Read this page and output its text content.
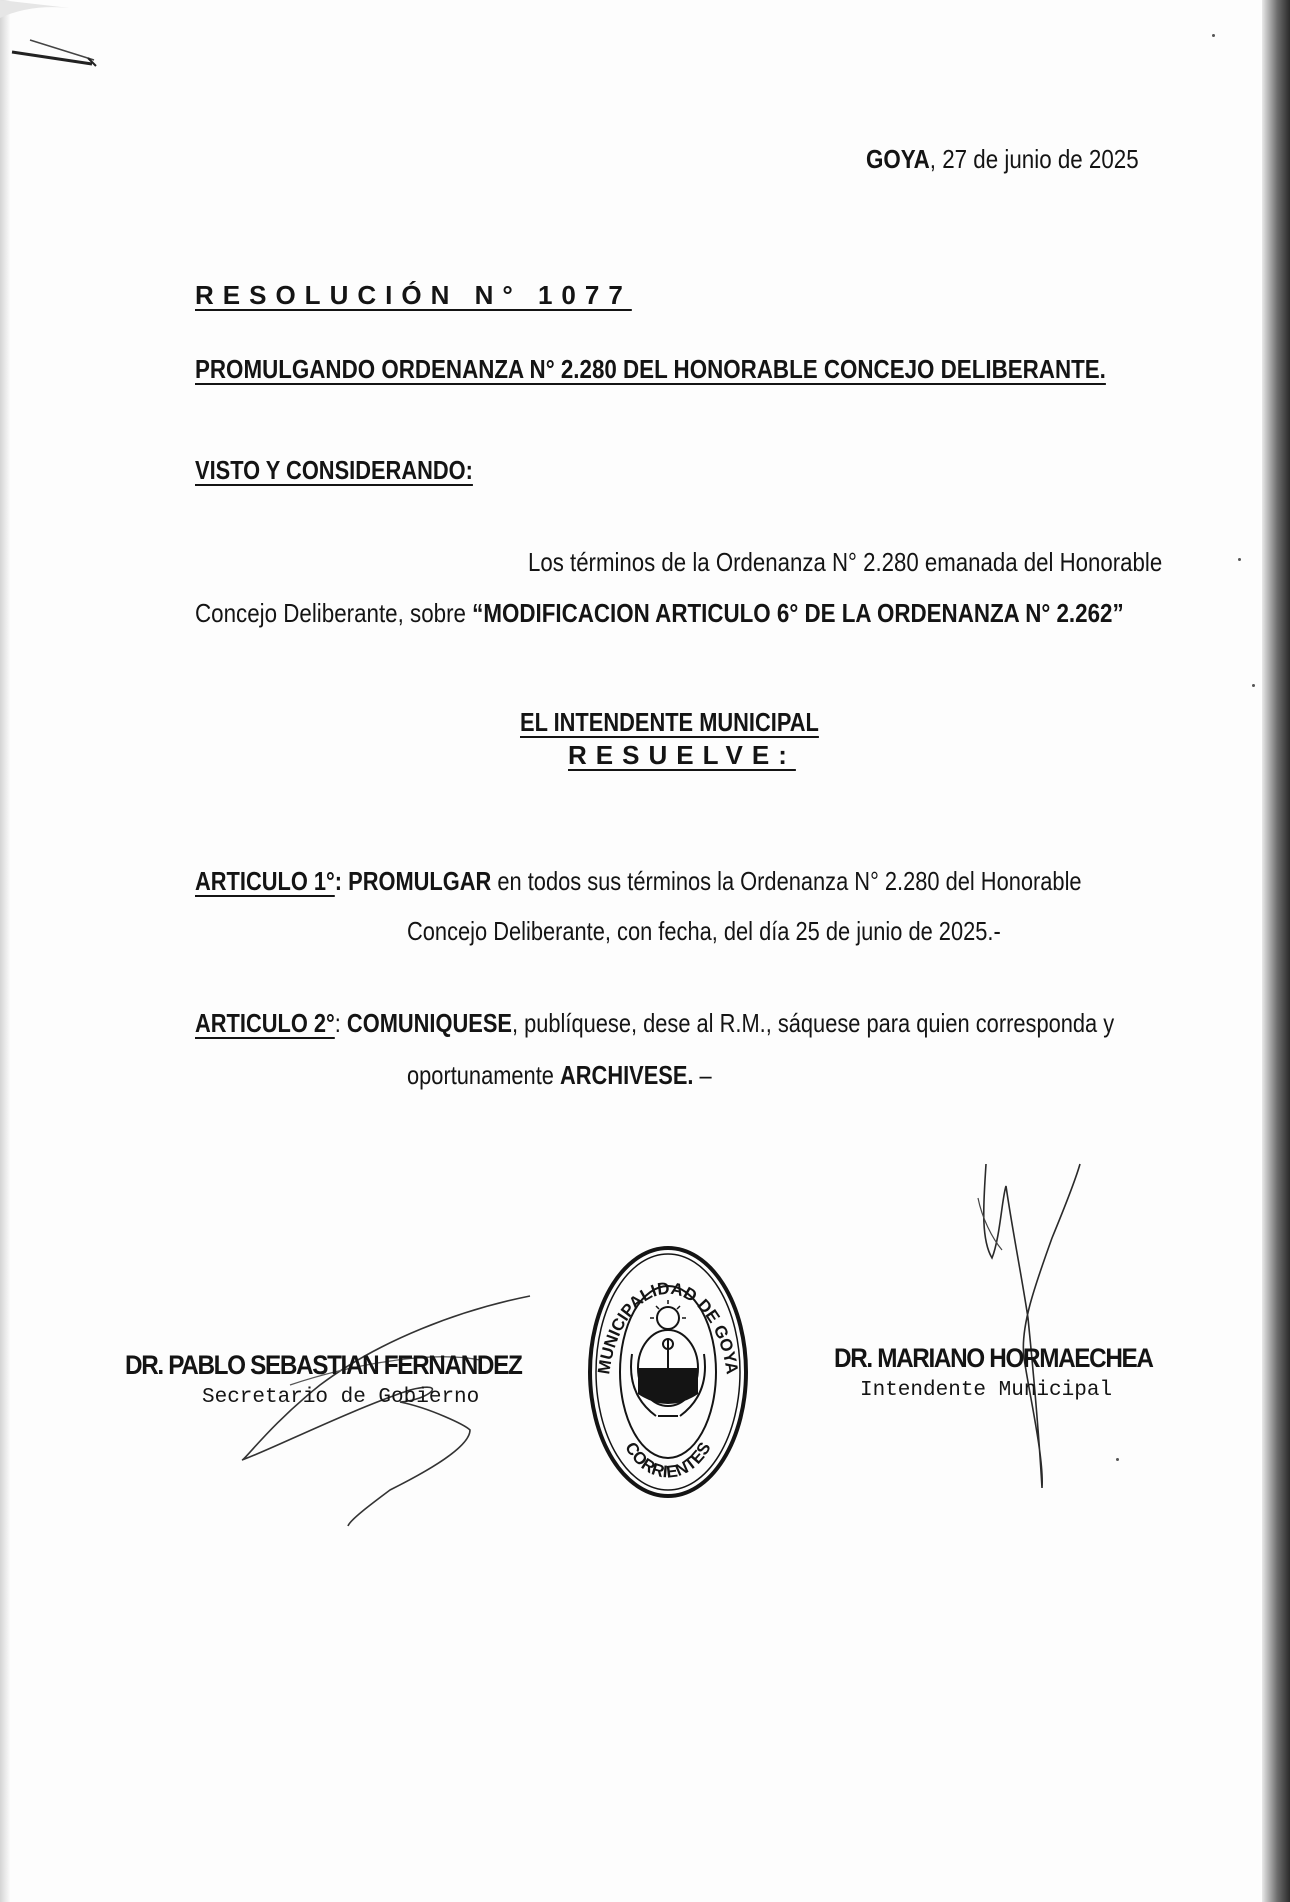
GOYA, 27 de junio de 2025
RESOLUCIÓN N° 1077
PROMULGANDO ORDENANZA N° 2.280 DEL HONORABLE CONCEJO DELIBERANTE.
VISTO Y CONSIDERANDO:
Los términos de la Ordenanza N° 2.280 emanada del Honorable
Concejo Deliberante, sobre “MODIFICACION ARTICULO 6° DE LA ORDENANZA N° 2.262”
EL INTENDENTE MUNICIPAL
RESUELVE:
ARTICULO 1°: PROMULGAR en todos sus términos la Ordenanza N° 2.280 del Honorable
Concejo Deliberante, con fecha, del día 25 de junio de 2025.-
ARTICULO 2°: COMUNIQUESE, publíquese, dese al R.M., sáquese para quien corresponda y
oportunamente ARCHIVESE. –
DR. PABLO SEBASTIAN FERNANDEZ
Secretario de Gobierno
DR. MARIANO HORMAECHEA
Intendente Municipal
MUNICIPALIDAD DE GOYA
CORRIENTES
